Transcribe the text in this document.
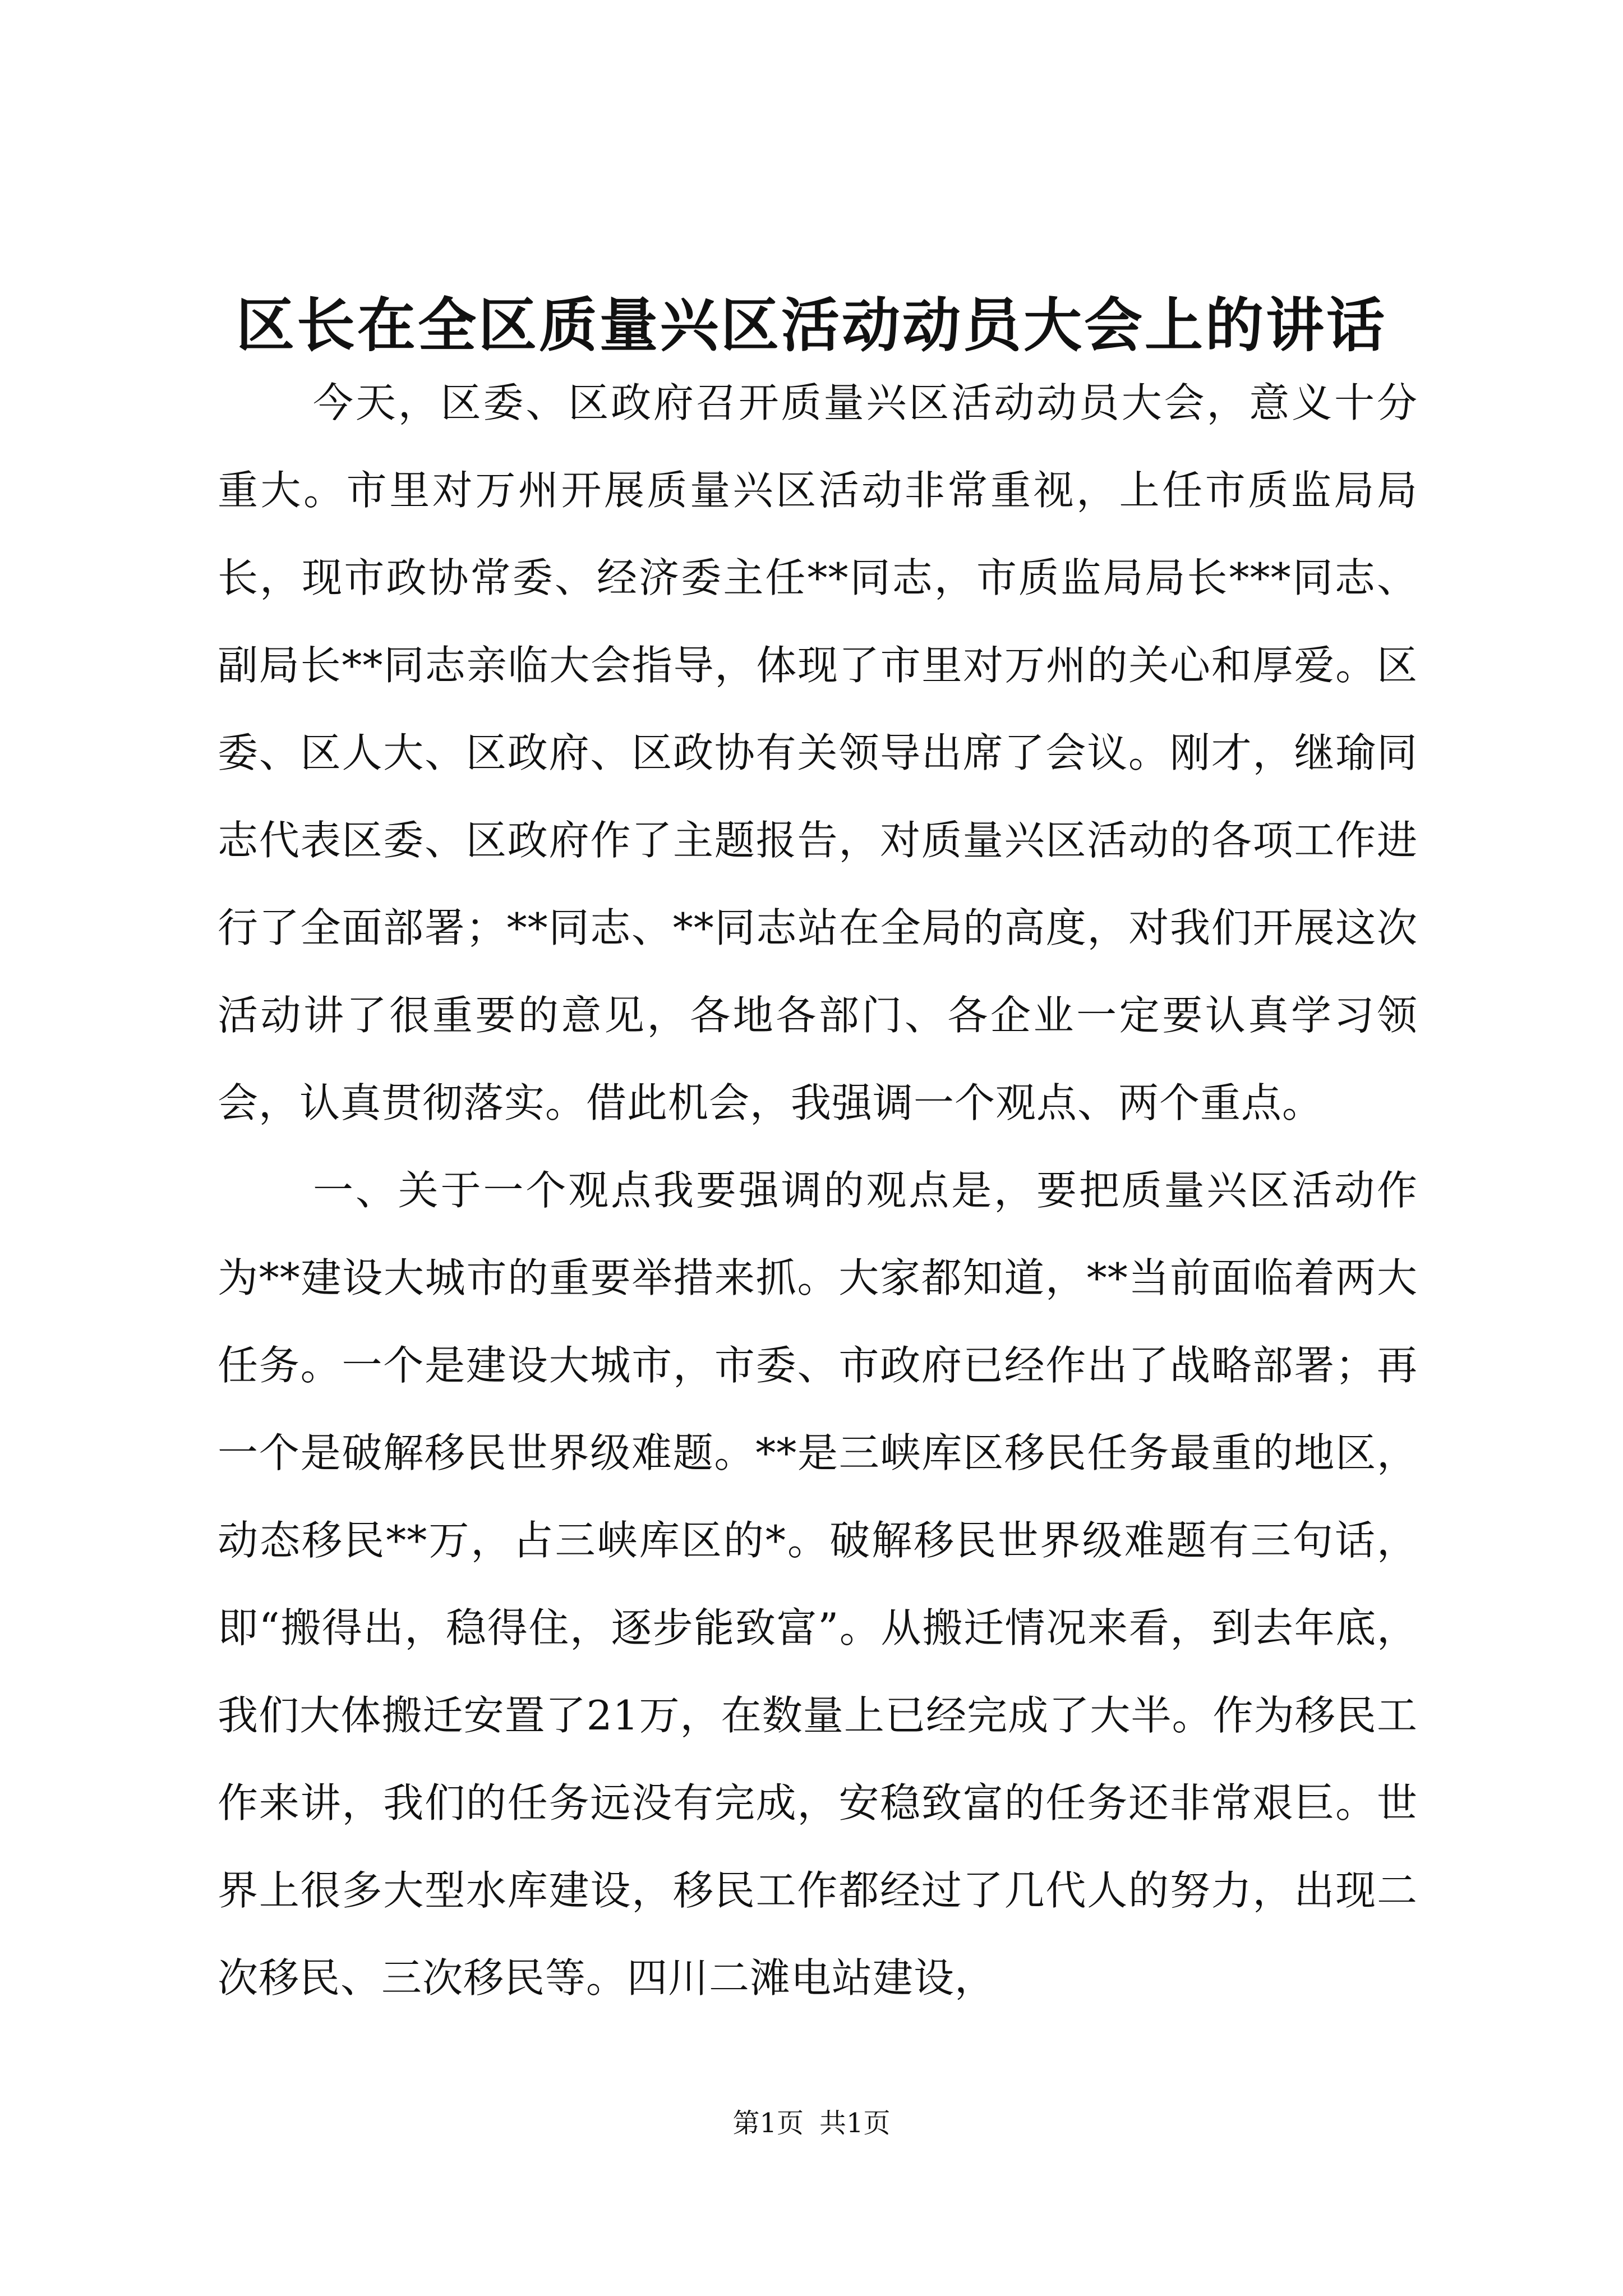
区长在全区质量兴区活动动员大会上的讲话

今天，区委、区政府召开质量兴区活动动员大会，意义十分重大。市里对万州开展质量兴区活动非常重视，上任市质监局局长，现市政协常委、经济委主任**同志，市质监局局长***同志、副局长**同志亲临大会指导，体现了市里对万州的关心和厚爱。区委、区人大、区政府、区政协有关领导出席了会议。刚才，继瑜同志代表区委、区政府作了主题报告，对质量兴区活动的各项工作进行了全面部署；**同志、**同志站在全局的高度，对我们开展这次活动讲了很重要的意见，各地各部门、各企业一定要认真学习领会，认真贯彻落实。借此机会，我强调一个观点、两个重点。

一、关于一个观点我要强调的观点是，要把质量兴区活动作为**建设大城市的重要举措来抓。大家都知道，**当前面临着两大任务。一个是建设大城市，市委、市政府已经作出了战略部署；再一个是破解移民世界级难题。**是三峡库区移民任务最重的地区，动态移民**万，占三峡库区的*。破解移民世界级难题有三句话，即“搬得出，稳得住，逐步能致富”。从搬迁情况来看，到去年底，我们大体搬迁安置了21万，在数量上已经完成了大半。作为移民工作来讲，我们的任务远没有完成，安稳致富的任务还非常艰巨。世界上很多大型水库建设，移民工作都经过了几代人的努力，出现二次移民、三次移民等。四川二滩电站建设，

第1页 共1页
